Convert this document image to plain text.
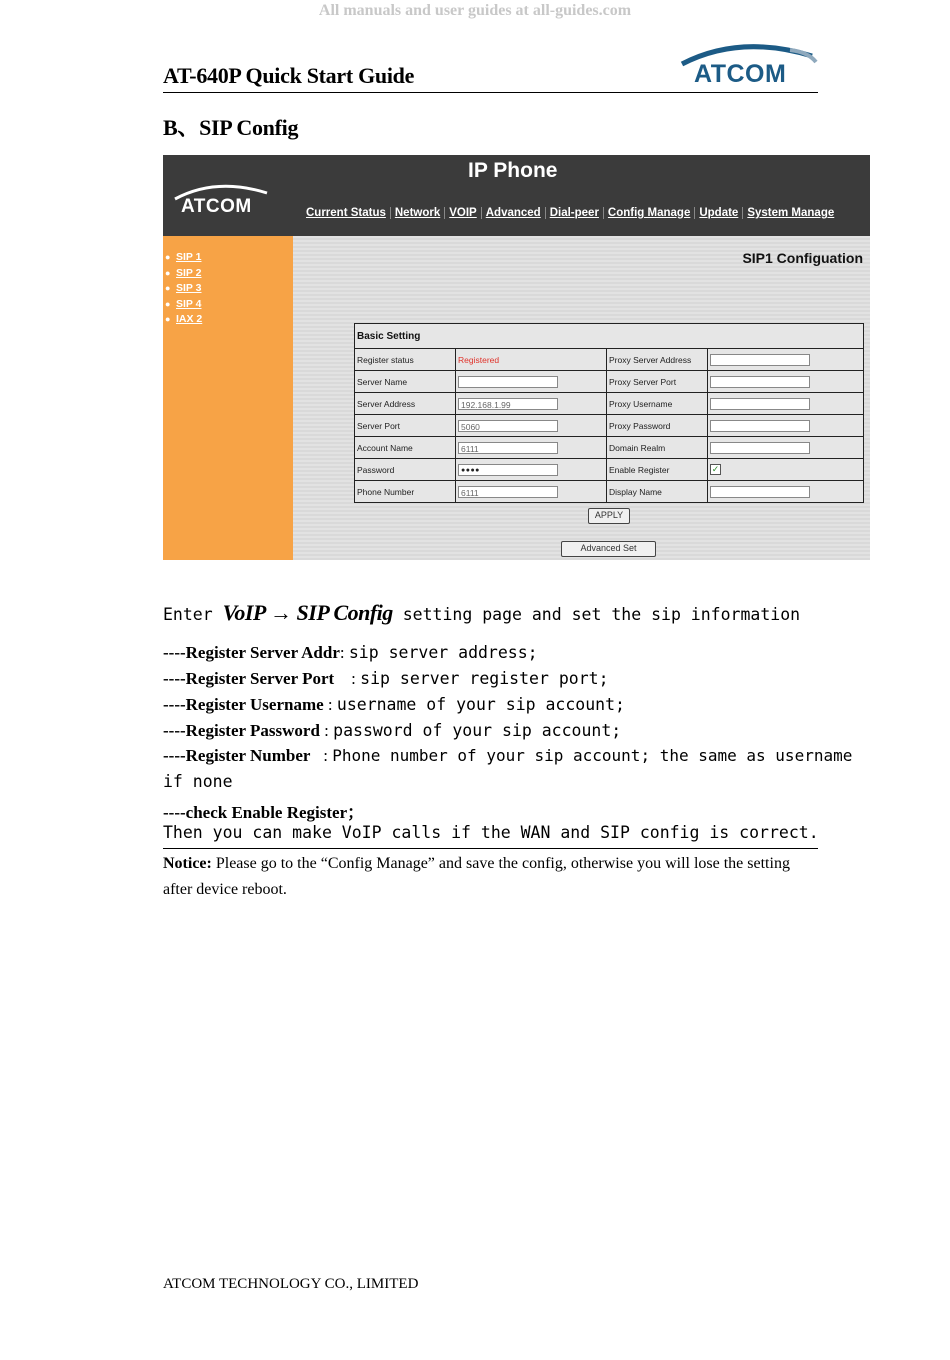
All manuals and user guides at all-guides.com
AT-640P Quick Start Guide	ATCOM
B、SIP Config
IP Phone
ATCOM	Current Status Network VOIP Advanced Dial-peer Config Manage Update System Manage
● SIP 1
● SIP 2
● SIP 3
● SIP 4
● IAX 2
SIP1 Configuation
Basic Setting			
Register status	Registered	Proxy Server Address	
Server Name		Proxy Server Port	
Server Address	192.168.1.99	Proxy Username	
Server Port	5060	Proxy Password	
Account Name	6111	Domain Realm	
Password	●●●●	Enable Register	✓
Phone Number	6111	Display Name	
APPLY
Advanced Set
Enter VoIP → SIP Config setting page and set the sip information
----Register Server Addr: sip server address;
----Register Server Port    : sip server register port;
----Register Username : username of your sip account;
----Register Password : password of your sip account;
----Register Number   : Phone number of your sip account; the same as username
if none
----check Enable Register；
Then you can make VoIP calls if the WAN and SIP config is correct.
Notice: Please go to the “Config Manage” and save the config, otherwise you will lose the setting after device reboot.
ATCOM TECHNOLOGY CO., LIMITED
